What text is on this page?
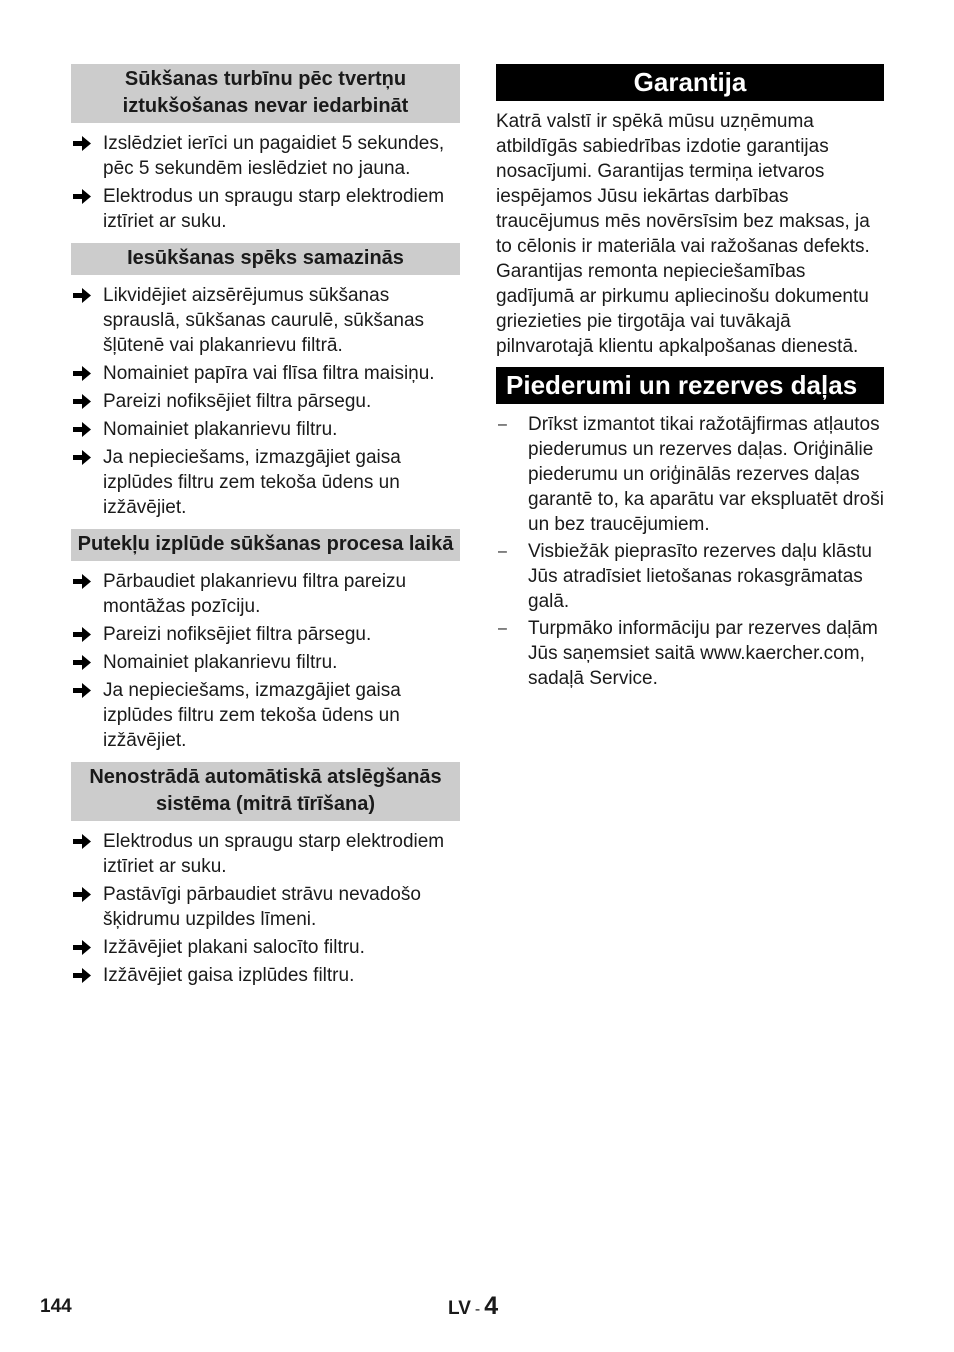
Sūkšanas turbīnu pēc tvertņu iztukšošanas nevar iedarbināt
Izslēdziet ierīci un pagaidiet 5 sekundes, pēc 5 sekundēm ieslēdziet no jauna.
Elektrodus un spraugu starp elektrodiem iztīriet ar suku.
Iesūkšanas spēks samazinās
Likvidējiet aizsērējumus sūkšanas sprauslā, sūkšanas caurulē, sūkšanas šļūtenē vai plakanrievu filtrā.
Nomainiet papīra vai flīsa filtra maisiņu.
Pareizi nofiksējiet filtra pārsegu.
Nomainiet plakanrievu filtru.
Ja nepieciešams, izmazgājiet gaisa izplūdes filtru zem tekoša ūdens un izžāvējiet.
Putekļu izplūde sūkšanas procesa laikā
Pārbaudiet plakanrievu filtra pareizu montāžas pozīciju.
Pareizi nofiksējiet filtra pārsegu.
Nomainiet plakanrievu filtru.
Ja nepieciešams, izmazgājiet gaisa izplūdes filtru zem tekoša ūdens un izžāvējiet.
Nenostrādā automātiskā atslēgšanās sistēma (mitrā tīrīšana)
Elektrodus un spraugu starp elektrodiem iztīriet ar suku.
Pastāvīgi pārbaudiet strāvu nevadošo šķidrumu uzpildes līmeni.
Izžāvējiet plakani salocīto filtru.
Izžāvējiet gaisa izplūdes filtru.
Garantija

Katrā valstī ir spēkā mūsu uzņēmuma atbildīgās sabiedrības izdotie garantijas nosacījumi. Garantijas termiņa ietvaros iespējamos Jūsu iekārtas darbības traucējumus mēs novērsīsim bez maksas, ja to cēlonis ir materiāla vai ražošanas defekts. Garantijas remonta nepieciešamības gadījumā ar pirkumu apliecinošu dokumentu griezieties pie tirgotāja vai tuvākajā pilnvarotajā klientu apkalpošanas dienestā.

Piederumi un rezerves daļas
– Drīkst izmantot tikai ražotājfirmas atļautos piederumus un rezerves daļas. Oriģinālie piederumu un oriģinālās rezerves daļas garantē to, ka aparātu var ekspluatēt droši un bez traucējumiem.
– Visbiežāk pieprasīto rezerves daļu klāstu Jūs atradīsiet lietošanas rokasgrāmatas galā.
– Turpmāko informāciju par rezerves daļām Jūs saņemsiet saitā www.kaercher.com, sadaļā Service.
144	LV - 4
